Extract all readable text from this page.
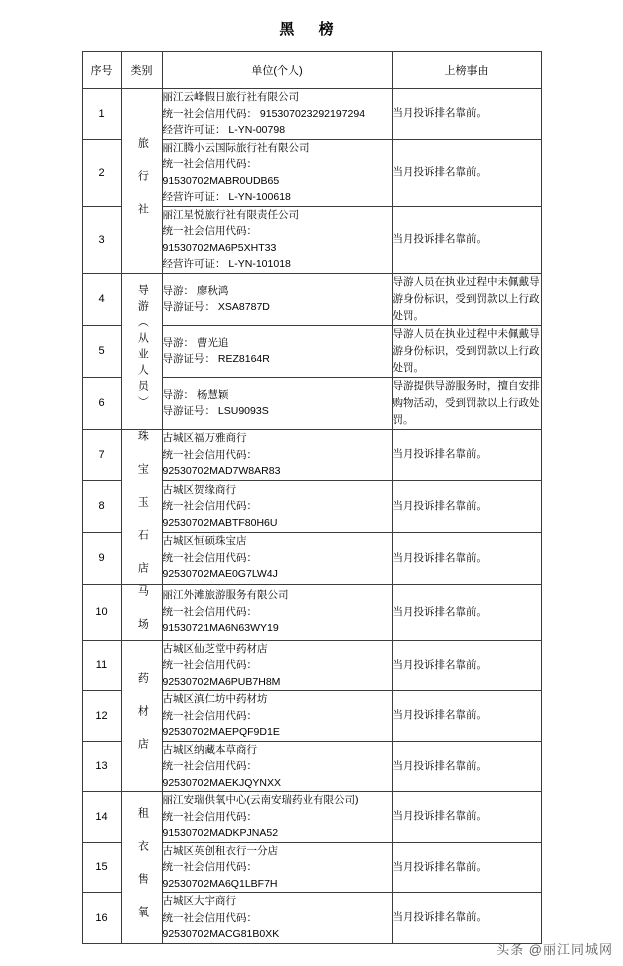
黑 榜
序号	类别	单位(个人)	上榜事由
1	旅 行 社	丽江云峰假日旅行社有限公司
统一社会信用代码： 915307023292197294
经营许可证： L-YN-00798	当月投诉排名靠前。
2		丽江腾小云国际旅行社有限公司
统一社会信用代码：
91530702MABR0UDB65
经营许可证： L-YN-100618	当月投诉排名靠前。
3		丽江星悦旅行社有限责任公司
统一社会信用代码：
91530702MA6P5XHT33
经营许可证： L-YN-101018	当月投诉排名靠前。
4	导游（从业人员）	导游： 廖秋鸿
导游证号： XSA8787D	导游人员在执业过程中未佩戴导游身份标识，受到罚款以上行政处罚。
5		导游： 曹光追
导游证号： REZ8164R	导游人员在执业过程中未佩戴导游身份标识，受到罚款以上行政处罚。
6		导游： 杨慧颖
导游证号： LSU9093S	导游提供导游服务时，擅自安排购物活动，受到罚款以上行政处罚。
7	珠 宝 玉 石 店	古城区福万雅商行
统一社会信用代码：
92530702MAD7W8AR83	当月投诉排名靠前。
8		古城区贺缘商行
统一社会信用代码：
92530702MABTF80H6U	当月投诉排名靠前。
9		古城区恒硕珠宝店
统一社会信用代码：
92530702MAE0G7LW4J	当月投诉排名靠前。
10	马 场	丽江外滩旅游服务有限公司
统一社会信用代码：
91530721MA6N63WY19	当月投诉排名靠前。
11	药 材 店	古城区仙芝堂中药材店
统一社会信用代码：
92530702MA6PUB7H8M	当月投诉排名靠前。
12		古城区滇仁坊中药材坊
统一社会信用代码：
92530702MAEPQF9D1E	当月投诉排名靠前。
13		古城区纳藏本草商行
统一社会信用代码：
92530702MAEKJQYNXX	当月投诉排名靠前。
14	租 衣 售 氧	丽江安瑞供氧中心(云南安瑞药业有限公司)
统一社会信用代码：
91530702MADKPJNA52	当月投诉排名靠前。
15		古城区英创租衣行一分店
统一社会信用代码：
92530702MA6Q1LBF7H	当月投诉排名靠前。
16		古城区大宇商行
统一社会信用代码：
92530702MACG81B0XK	当月投诉排名靠前。
头条 @丽江同城网
